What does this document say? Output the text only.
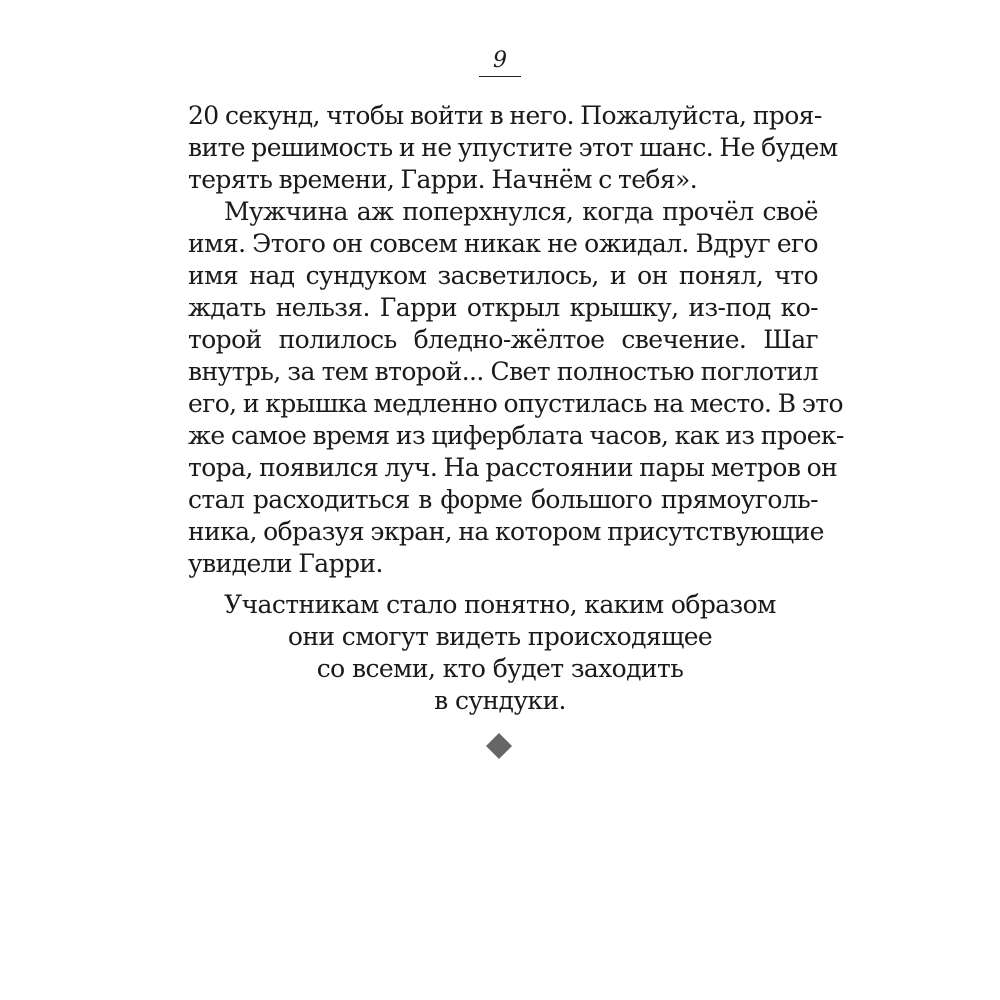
9

20 секунд, чтобы войти в него. Пожалуйста, проя-
вите решимость и не упустите этот шанс. Не будем
терять времени, Гарри. Начнём с тебя».

Мужчина аж поперхнулся, когда прочёл своё
имя. Этого он совсем никак не ожидал. Вдруг его
имя над сундуком засветилось, и он понял, что
ждать нельзя. Гарри открыл крышку, из-под ко-
торой полилось бледно-жёлтое свечение. Шаг
внутрь, за тем второй... Свет полностью поглотил
его, и крышка медленно опустилась на место. В это
же самое время из циферблата часов, как из проек-
тора, появился луч. На расстоянии пары метров он
стал расходиться в форме большого прямоуголь-
ника, образуя экран, на котором присутствующие
увидели Гарри.

Участникам стало понятно, каким образом
они смогут видеть происходящее
со всеми, кто будет заходить
в сундуки.
